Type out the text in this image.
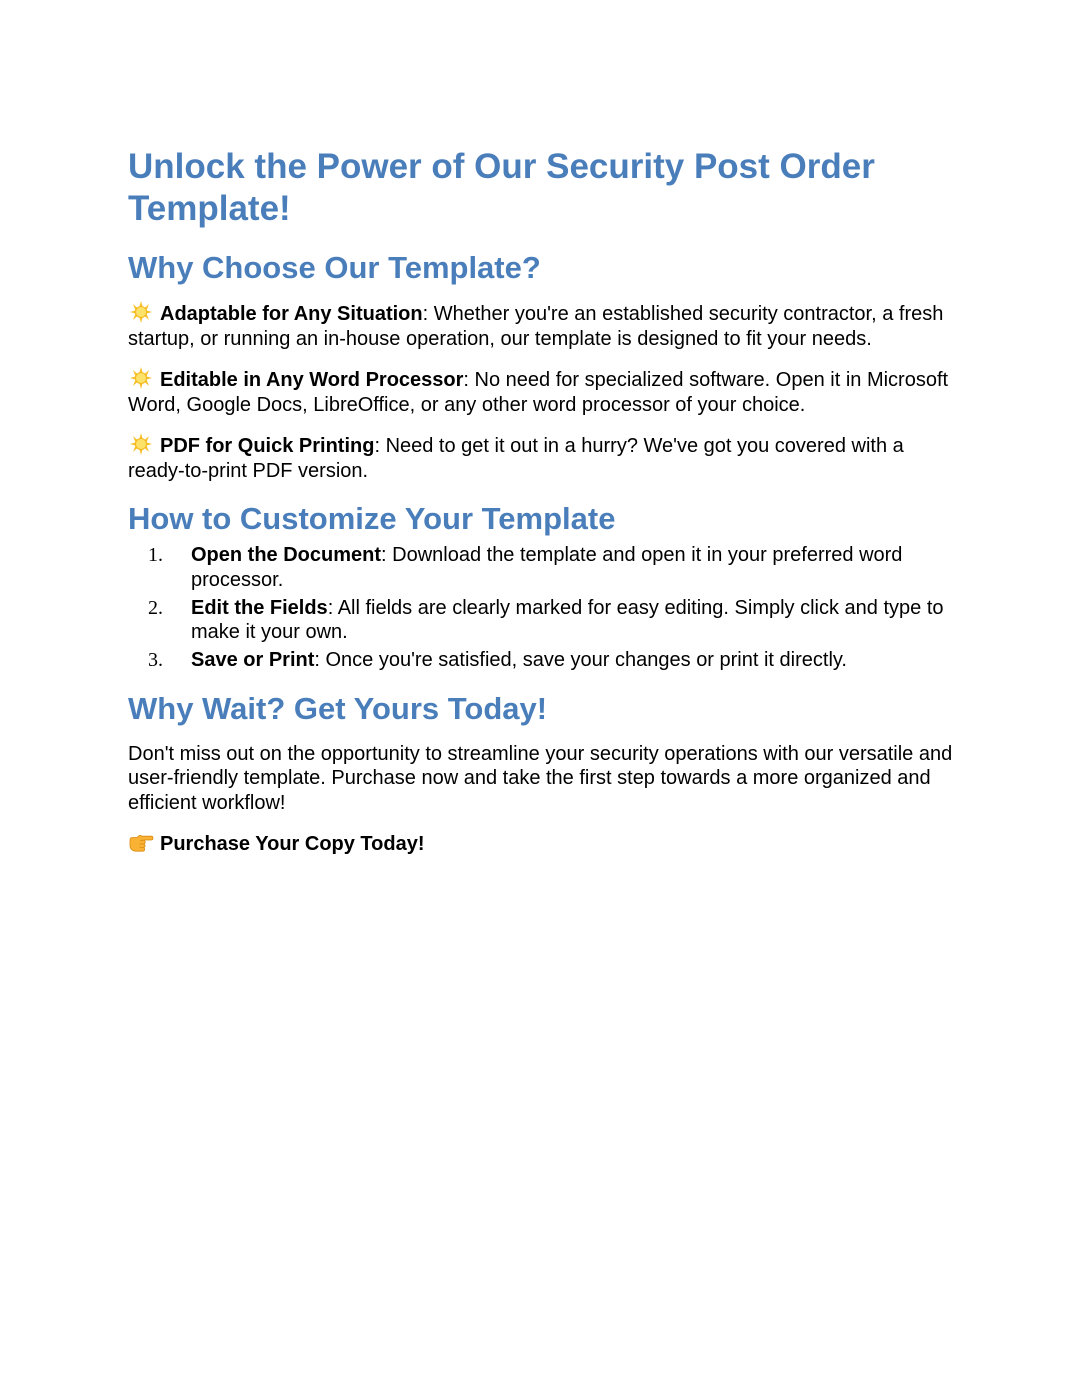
Unlock the Power of Our Security Post Order Template!
Why Choose Our Template?

Adaptable for Any Situation: Whether you're an established security contractor, a fresh startup, or running an in-house operation, our template is designed to fit your needs.

Editable in Any Word Processor: No need for specialized software. Open it in Microsoft Word, Google Docs, LibreOffice, or any other word processor of your choice.

PDF for Quick Printing: Need to get it out in a hurry? We've got you covered with a ready-to-print PDF version.

How to Customize Your Template
1. Open the Document: Download the template and open it in your preferred word processor.
2. Edit the Fields: All fields are clearly marked for easy editing. Simply click and type to make it your own.
3. Save or Print: Once you're satisfied, save your changes or print it directly.
Why Wait? Get Yours Today!

Don't miss out on the opportunity to streamline your security operations with our versatile and user-friendly template. Purchase now and take the first step towards a more organized and efficient workflow!

Purchase Your Copy Today!
